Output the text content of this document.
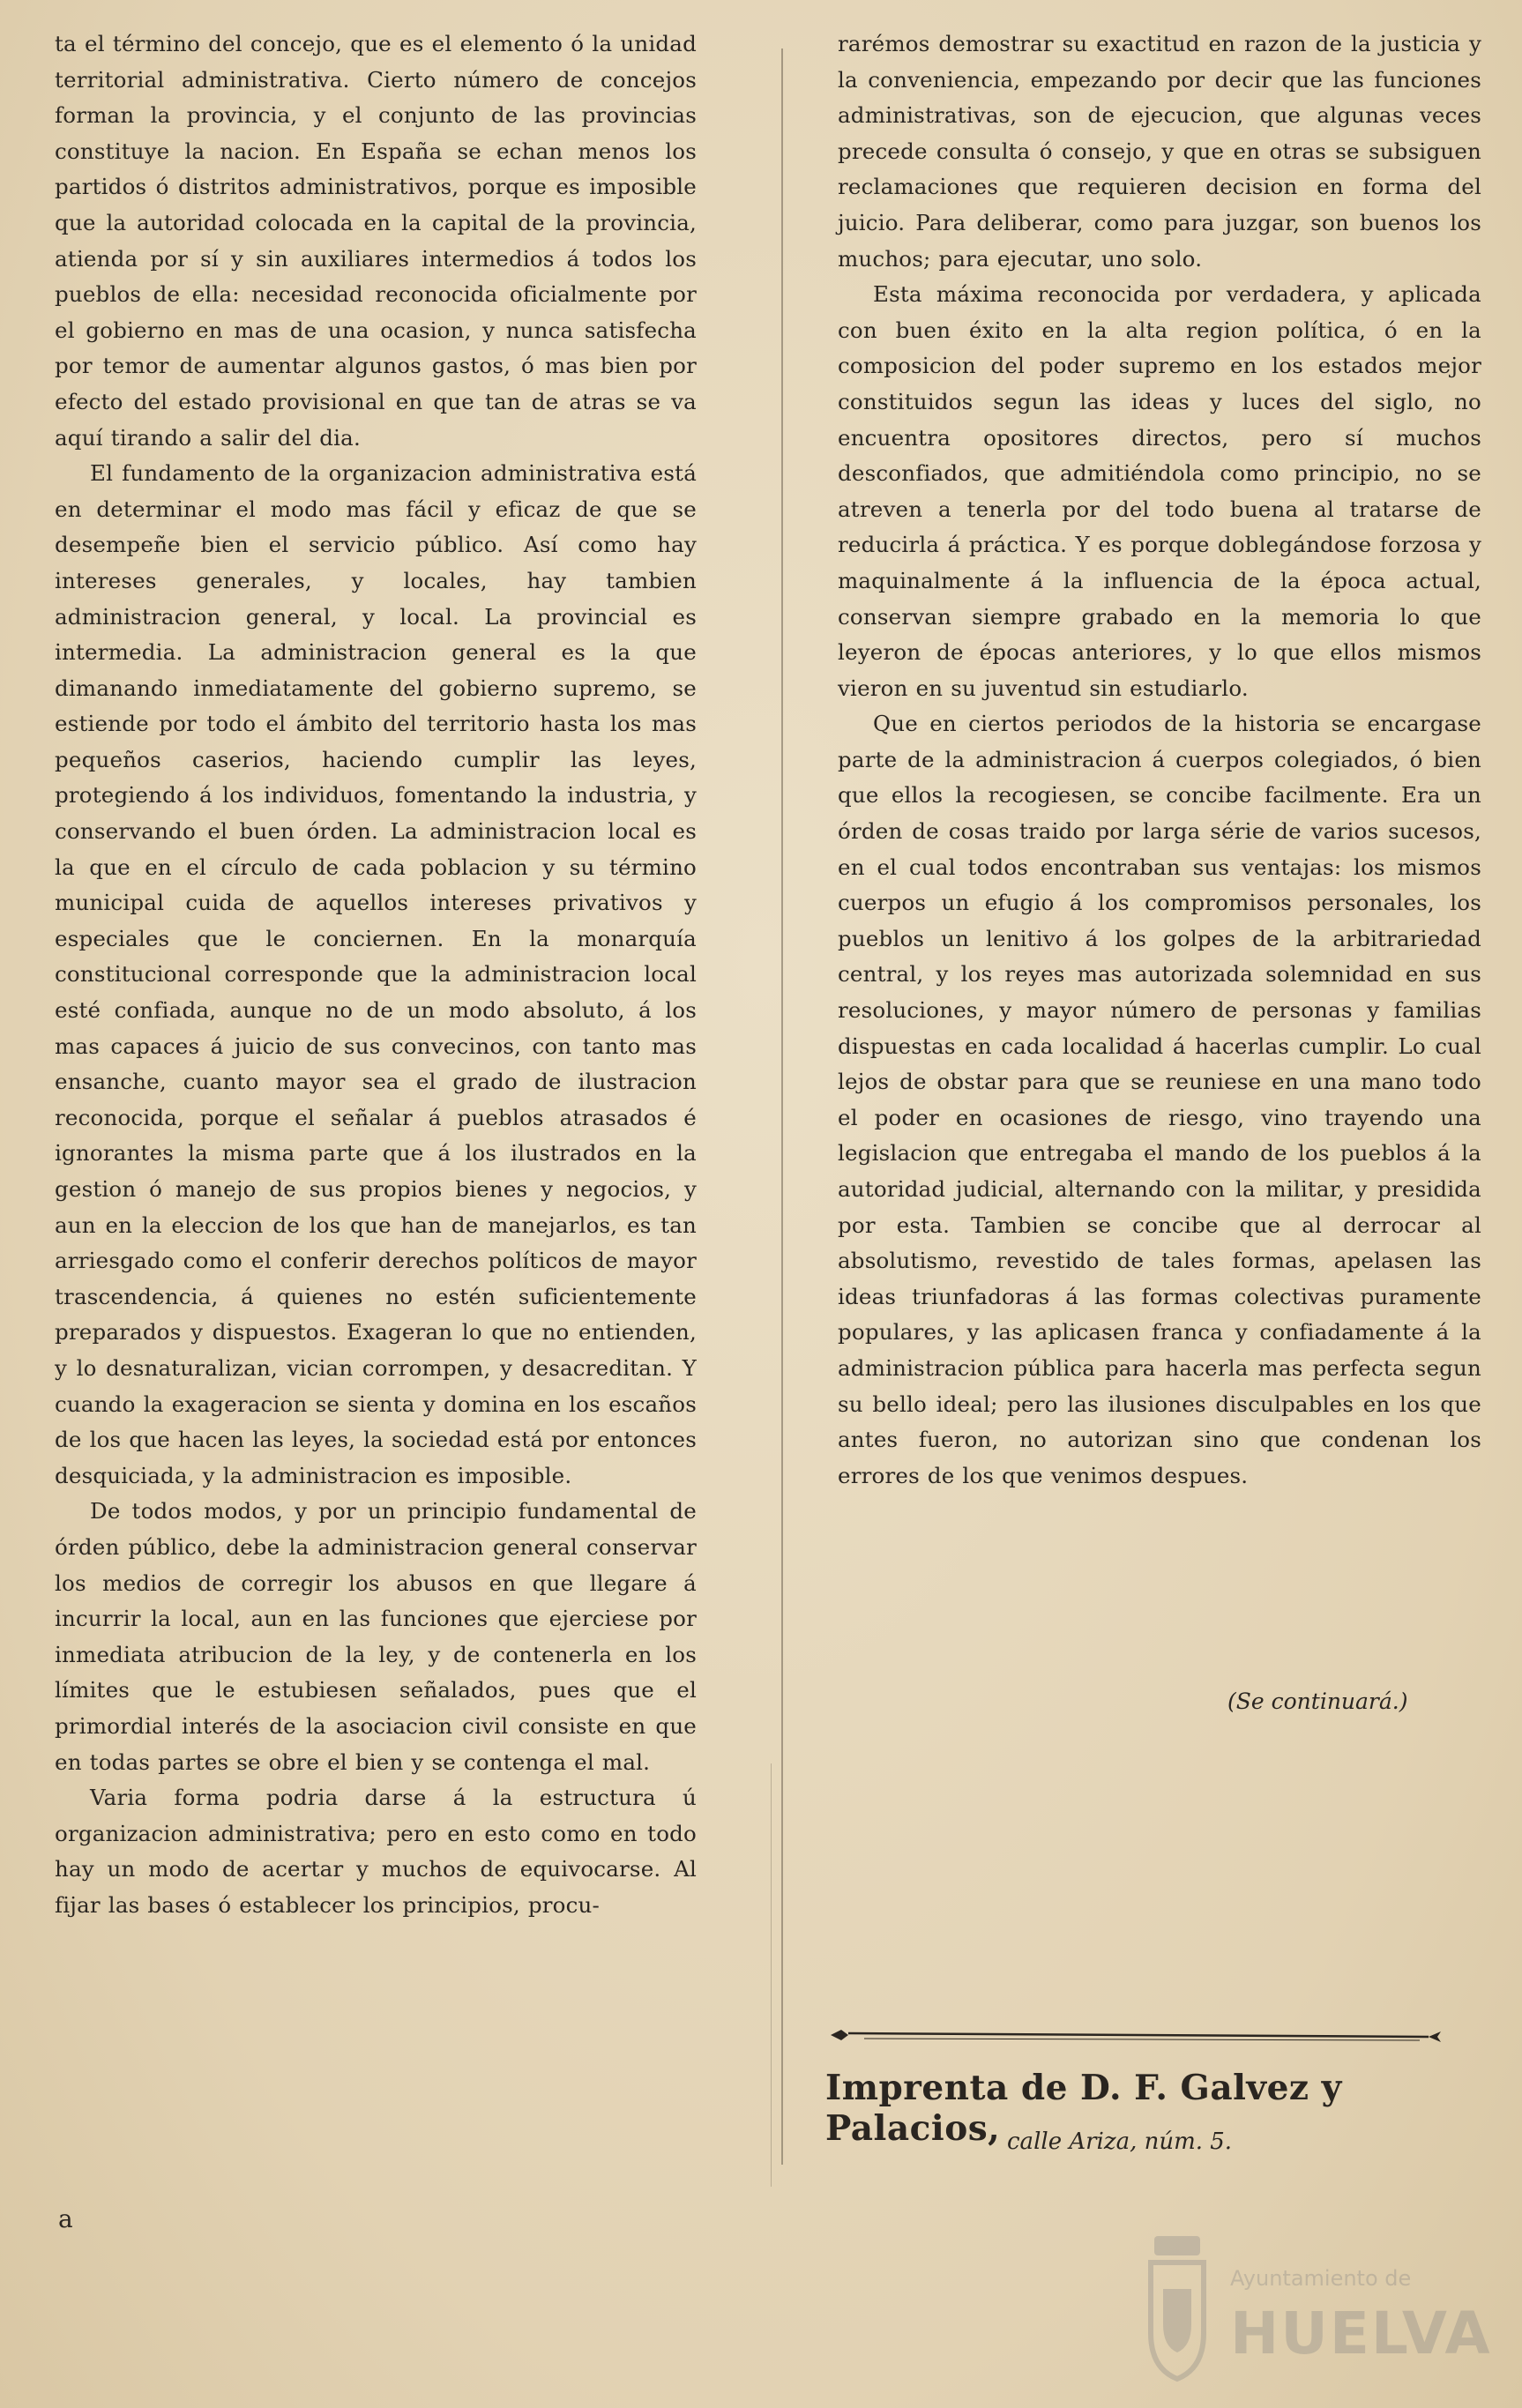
ta el término del concejo, que es el elemento ó la unidad territorial administrativa. Cierto número de concejos forman la provincia, y el conjunto de las provincias constituye la nacion. En España se echan menos los partidos ó distritos administrativos, porque es imposible que la autoridad colocada en la capital de la provincia, atienda por sí y sin auxiliares intermedios á todos los pueblos de ella: necesidad reconocida oficialmente por el gobierno en mas de una ocasion, y nunca satisfecha por temor de aumentar algunos gastos, ó mas bien por efecto del estado provisional en que tan de atras se va aquí tirando a salir del dia.

El fundamento de la organizacion administrativa está en determinar el modo mas fácil y eficaz de que se desempeñe bien el servicio público. Así como hay intereses generales, y locales, hay tambien administracion general, y local. La provincial es intermedia. La administracion general es la que dimanando inmediatamente del gobierno supremo, se estiende por todo el ámbito del territorio hasta los mas pequeños caserios, haciendo cumplir las leyes, protegiendo á los individuos, fomentando la industria, y conservando el buen órden. La administracion local es la que en el círculo de cada poblacion y su término municipal cuida de aquellos intereses privativos y especiales que le conciernen. En la monarquía constitucional corresponde que la administracion local esté confiada, aunque no de un modo absoluto, á los mas capaces á juicio de sus convecinos, con tanto mas ensanche, cuanto mayor sea el grado de ilustracion reconocida, porque el señalar á pueblos atrasados é ignorantes la misma parte que á los ilustrados en la gestion ó manejo de sus propios bienes y negocios, y aun en la eleccion de los que han de manejarlos, es tan arriesgado como el conferir derechos políticos de mayor trascendencia, á quienes no estén suficientemente preparados y dispuestos. Exageran lo que no entienden, y lo desnaturalizan, vician corrompen, y desacreditan. Y cuando la exageracion se sienta y domina en los escaños de los que hacen las leyes, la sociedad está por entonces desquiciada, y la administracion es imposible.

De todos modos, y por un principio fundamental de órden público, debe la administracion general conservar los medios de corregir los abusos en que llegare á incurrir la local, aun en las funciones que ejerciese por inmediata atribucion de la ley, y de contenerla en los límites que le estubiesen señalados, pues que el primordial interés de la asociacion civil consiste en que en todas partes se obre el bien y se contenga el mal.

Varia forma podria darse á la estructura ú organizacion administrativa; pero en esto como en todo hay un modo de acertar y muchos de equivocarse. Al fijar las bases ó establecer los principios, procu-

rarémos demostrar su exactitud en razon de la justicia y la conveniencia, empezando por decir que las funciones administrativas, son de ejecucion, que algunas veces precede consulta ó consejo, y que en otras se subsiguen reclamaciones que requieren decision en forma del juicio. Para deliberar, como para juzgar, son buenos los muchos; para ejecutar, uno solo.

Esta máxima reconocida por verdadera, y aplicada con buen éxito en la alta region política, ó en la composicion del poder supremo en los estados mejor constituidos segun las ideas y luces del siglo, no encuentra opositores directos, pero sí muchos desconfiados, que admitiéndola como principio, no se atreven a tenerla por del todo buena al tratarse de reducirla á práctica. Y es porque doblegándose forzosa y maquinalmente á la influencia de la época actual, conservan siempre grabado en la memoria lo que leyeron de épocas anteriores, y lo que ellos mismos vieron en su juventud sin estudiarlo.

Que en ciertos periodos de la historia se encargase parte de la administracion á cuerpos colegiados, ó bien que ellos la recogiesen, se concibe facilmente. Era un órden de cosas traido por larga série de varios sucesos, en el cual todos encontraban sus ventajas: los mismos cuerpos un efugio á los compromisos personales, los pueblos un lenitivo á los golpes de la arbitrariedad central, y los reyes mas autorizada solemnidad en sus resoluciones, y mayor número de personas y familias dispuestas en cada localidad á hacerlas cumplir. Lo cual lejos de obstar para que se reuniese en una mano todo el poder en ocasiones de riesgo, vino trayendo una legislacion que entregaba el mando de los pueblos á la autoridad judicial, alternando con la militar, y presidida por esta. Tambien se concibe que al derrocar al absolutismo, revestido de tales formas, apelasen las ideas triunfadoras á las formas colectivas puramente populares, y las aplicasen franca y confiadamente á la administracion pública para hacerla mas perfecta segun su bello ideal; pero las ilusiones disculpables en los que antes fueron, no autorizan sino que condenan los errores de los que venimos despues.

(Se continuará.)
Imprenta de D. F. Galvez y Palacios, calle Ariza, núm. 5.
a
Ayuntamiento de
HUELVA
